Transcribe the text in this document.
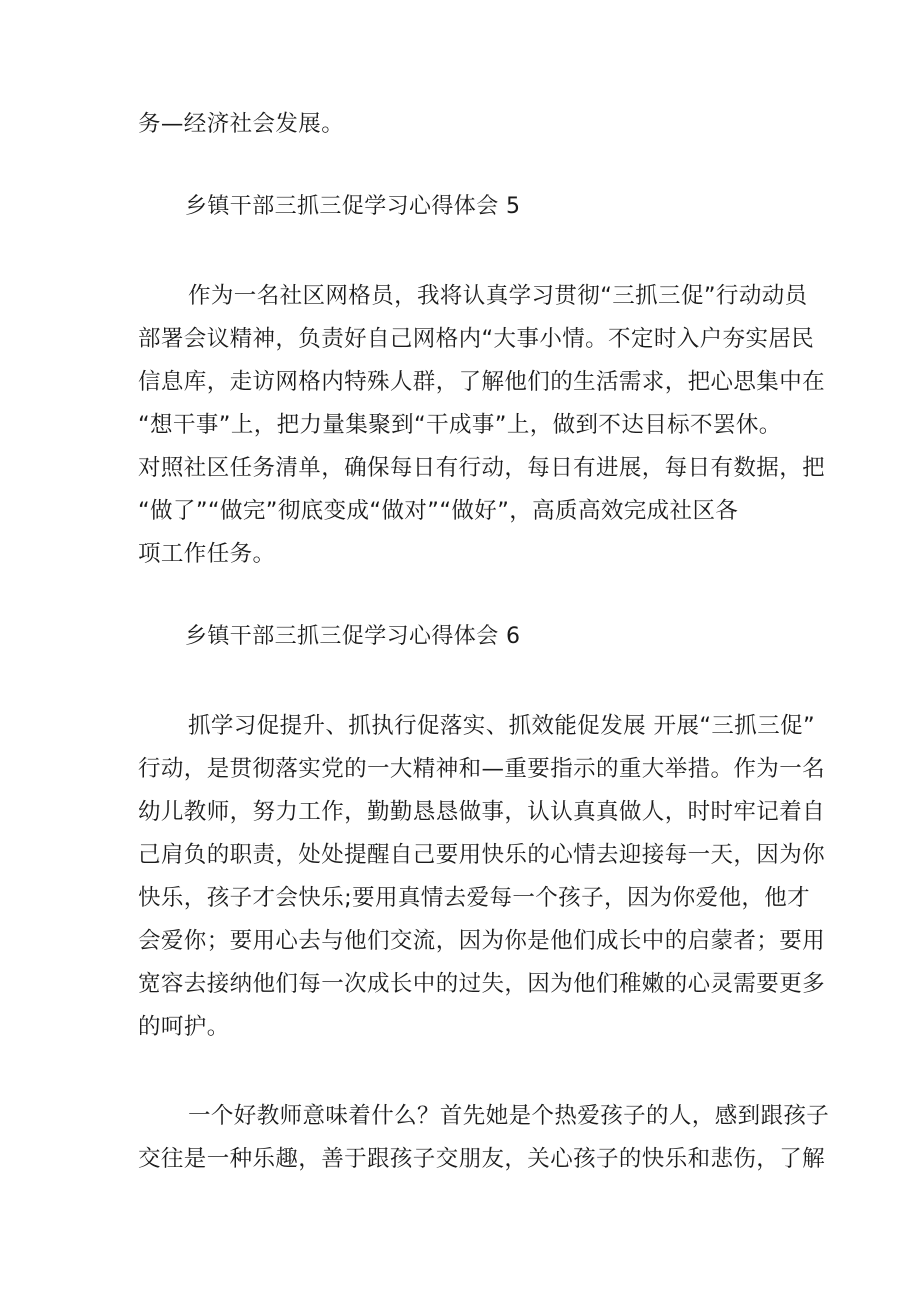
务—经济社会发展。
乡镇干部三抓三促学习心得体会 5
作为一名社区网格员，我将认真学习贯彻“三抓三促”行动动员
部署会议精神，负责好自己网格内“大事小情。不定时入户夯实居民
信息库，走访网格内特殊人群，了解他们的生活需求，把心思集中在
“想干事”上，把力量集聚到“干成事”上，做到不达目标不罢休。
对照社区任务清单，确保每日有行动，每日有进展，每日有数据，把
“做了”“做完”彻底变成“做对”“做好”，高质高效完成社区各
项工作任务。
乡镇干部三抓三促学习心得体会 6
抓学习促提升、抓执行促落实、抓效能促发展 开展“三抓三促”
行动，是贯彻落实党的一大精神和—重要指示的重大举措。作为一名
幼儿教师，努力工作，勤勤恳恳做事，认认真真做人，时时牢记着自
己肩负的职责，处处提醒自己要用快乐的心情去迎接每一天，因为你
快乐，孩子才会快乐;要用真情去爱每一个孩子，因为你爱他，他才
会爱你；要用心去与他们交流，因为你是他们成长中的启蒙者；要用
宽容去接纳他们每一次成长中的过失，因为他们稚嫩的心灵需要更多
的呵护。
一个好教师意味着什么？首先她是个热爱孩子的人，感到跟孩子
交往是一种乐趣，善于跟孩子交朋友，关心孩子的快乐和悲伤，了解
